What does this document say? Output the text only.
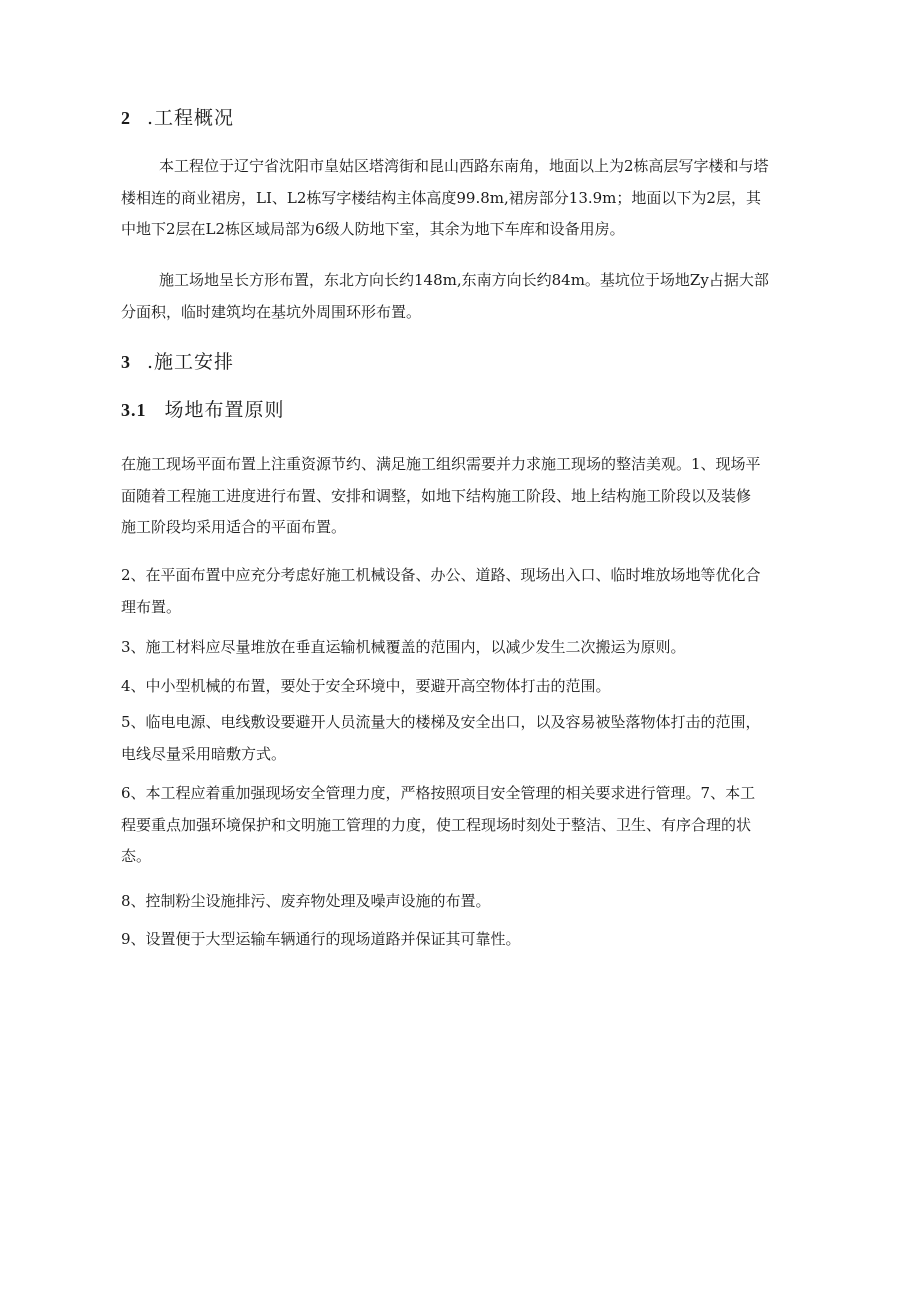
2 .工程概况
本工程位于辽宁省沈阳市皇姑区塔湾街和昆山西路东南角，地面以上为2栋高层写字楼和与塔
楼相连的商业裙房，LI、L2栋写字楼结构主体高度99.8m,裙房部分13.9m；地面以下为2层，其
中地下2层在L2栋区域局部为6级人防地下室，其余为地下车库和设备用房。
施工场地呈长方形布置，东北方向长约148m,东南方向长约84m。基坑位于场地Zy占据大部
分面积，临时建筑均在基坑外周围环形布置。
3 .施工安排
3.1 场地布置原则
在施工现场平面布置上注重资源节约、满足施工组织需要并力求施工现场的整洁美观。1、现场平
面随着工程施工进度进行布置、安排和调整，如地下结构施工阶段、地上结构施工阶段以及装修
施工阶段均采用适合的平面布置。
2、在平面布置中应充分考虑好施工机械设备、办公、道路、现场出入口、临时堆放场地等优化合
理布置。
3、施工材料应尽量堆放在垂直运输机械覆盖的范围内，以减少发生二次搬运为原则。
4、中小型机械的布置，要处于安全环境中，要避开高空物体打击的范围。
5、临电电源、电线敷设要避开人员流量大的楼梯及安全出口，以及容易被坠落物体打击的范围，
电线尽量采用暗敷方式。
6、本工程应着重加强现场安全管理力度，严格按照项目安全管理的相关要求进行管理。7、本工
程要重点加强环境保护和文明施工管理的力度，使工程现场时刻处于整洁、卫生、有序合理的状
态。
8、控制粉尘设施排污、废弃物处理及噪声设施的布置。
9、设置便于大型运输车辆通行的现场道路并保证其可靠性。
